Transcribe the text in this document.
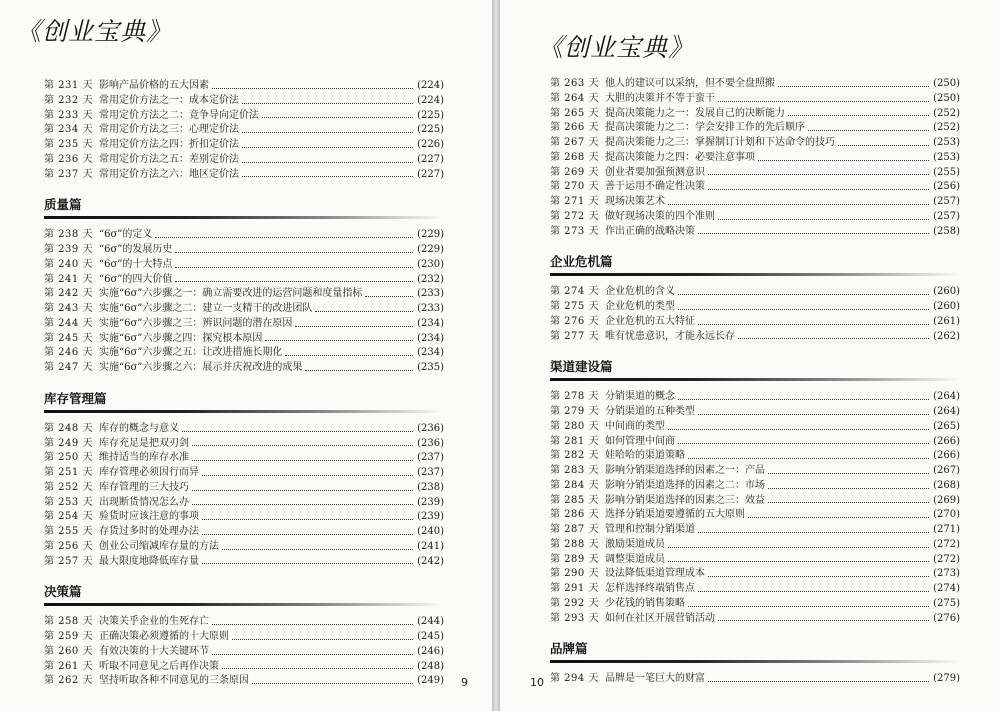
《创业宝典》
第 231 天 影响产品价格的五大因素	(224)
第 232 天 常用定价方法之一：成本定价法	(224)
第 233 天 常用定价方法之二：竞争导向定价法	(225)
第 234 天 常用定价方法之三：心理定价法	(225)
第 235 天 常用定价方法之四：折扣定价法	(226)
第 236 天 常用定价方法之五：差别定价法	(227)
第 237 天 常用定价方法之六：地区定价法	(227)
质量篇
第 238 天 “6σ”的定义	(229)
第 239 天 “6σ”的发展历史	(229)
第 240 天 “6σ”的十大特点	(230)
第 241 天 “6σ”的四大价值	(232)
第 242 天 实施“6σ”六步骤之一：确立需要改进的运营问题和度量指标	(233)
第 243 天 实施“6σ”六步骤之二：建立一支精干的改进团队	(233)
第 244 天 实施“6σ”六步骤之三：辨识问题的潜在原因	(234)
第 245 天 实施“6σ”六步骤之四：探究根本原因	(234)
第 246 天 实施“6σ”六步骤之五：让改进措施长期化	(234)
第 247 天 实施“6σ”六步骤之六：展示并庆祝改进的成果	(235)
库存管理篇
第 248 天 库存的概念与意义	(236)
第 249 天 库存充足是把双刃剑	(236)
第 250 天 维持适当的库存水准	(237)
第 251 天 库存管理必须因行而异	(237)
第 252 天 库存管理的三大技巧	(238)
第 253 天 出现断货情况怎么办	(239)
第 254 天 验货时应该注意的事项	(239)
第 255 天 存货过多时的处理办法	(240)
第 256 天 创业公司缩减库存量的方法	(241)
第 257 天 最大限度地降低库存量	(242)
决策篇
第 258 天 决策关乎企业的生死存亡	(244)
第 259 天 正确决策必须遵循的十大原则	(245)
第 260 天 有效决策的十大关键环节	(246)
第 261 天 听取不同意见之后再作决策	(248)
第 262 天 坚持听取各种不同意见的三条原因	(249) 9
《创业宝典》
第 263 天 他人的建议可以采纳，但不要全盘照搬	(250)
第 264 天 大胆的决策并不等于蛮干	(250)
第 265 天 提高决策能力之一：发展自己的决断能力	(252)
第 266 天 提高决策能力之二：学会安排工作的先后顺序	(252)
第 267 天 提高决策能力之三：掌握制订计划和下达命令的技巧	(253)
第 268 天 提高决策能力之四：必要注意事项	(253)
第 269 天 创业者要加强预测意识	(255)
第 270 天 善于运用不确定性决策	(256)
第 271 天 现场决策艺术	(257)
第 272 天 做好现场决策的四个准则	(257)
第 273 天 作出正确的战略决策	(258)
企业危机篇
第 274 天 企业危机的含义	(260)
第 275 天 企业危机的类型	(260)
第 276 天 企业危机的五大特征	(261)
第 277 天 唯有忧患意识，才能永远长存	(262)
渠道建设篇
第 278 天 分销渠道的概念	(264)
第 279 天 分销渠道的五种类型	(264)
第 280 天 中间商的类型	(265)
第 281 天 如何管理中间商	(266)
第 282 天 娃哈哈的渠道策略	(266)
第 283 天 影响分销渠道选择的因素之一：产品	(267)
第 284 天 影响分销渠道选择的因素之二：市场	(268)
第 285 天 影响分销渠道选择的因素之三：效益	(269)
第 286 天 选择分销渠道要遵循的五大原则	(270)
第 287 天 管理和控制分销渠道	(271)
第 288 天 激励渠道成员	(272)
第 289 天 调整渠道成员	(272)
第 290 天 设法降低渠道管理成本	(273)
第 291 天 怎样选择终端销售点	(274)
第 292 天 少花钱的销售策略	(275)
第 293 天 如何在社区开展营销活动	(276)
品牌篇
第 294 天 品牌是一笔巨大的财富	(279)
10
